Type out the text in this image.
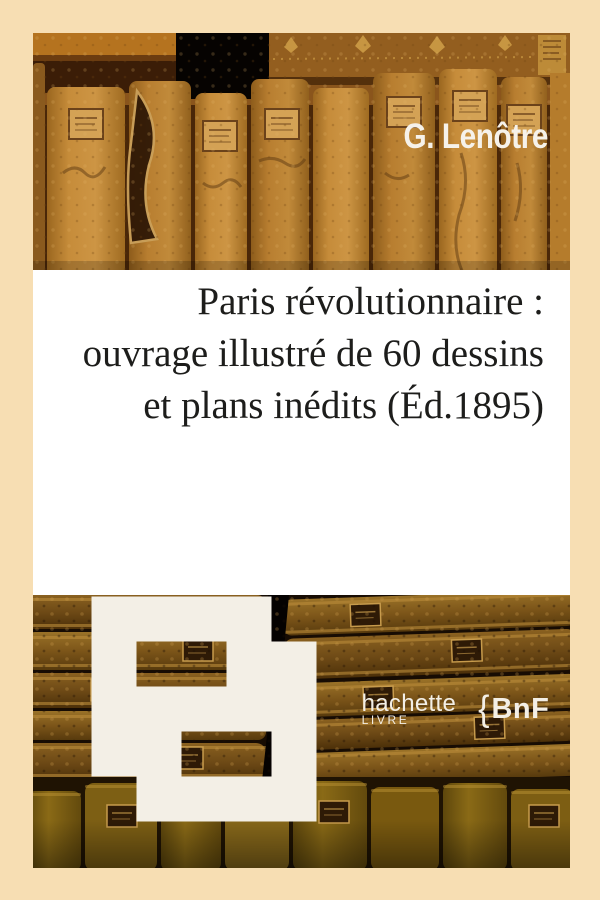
G. Lenôtre
Paris révolutionnaire :
ouvrage illustré de 60 dessins
et plans inédits (Éd.1895)
hachette
LIVRE { BnF
